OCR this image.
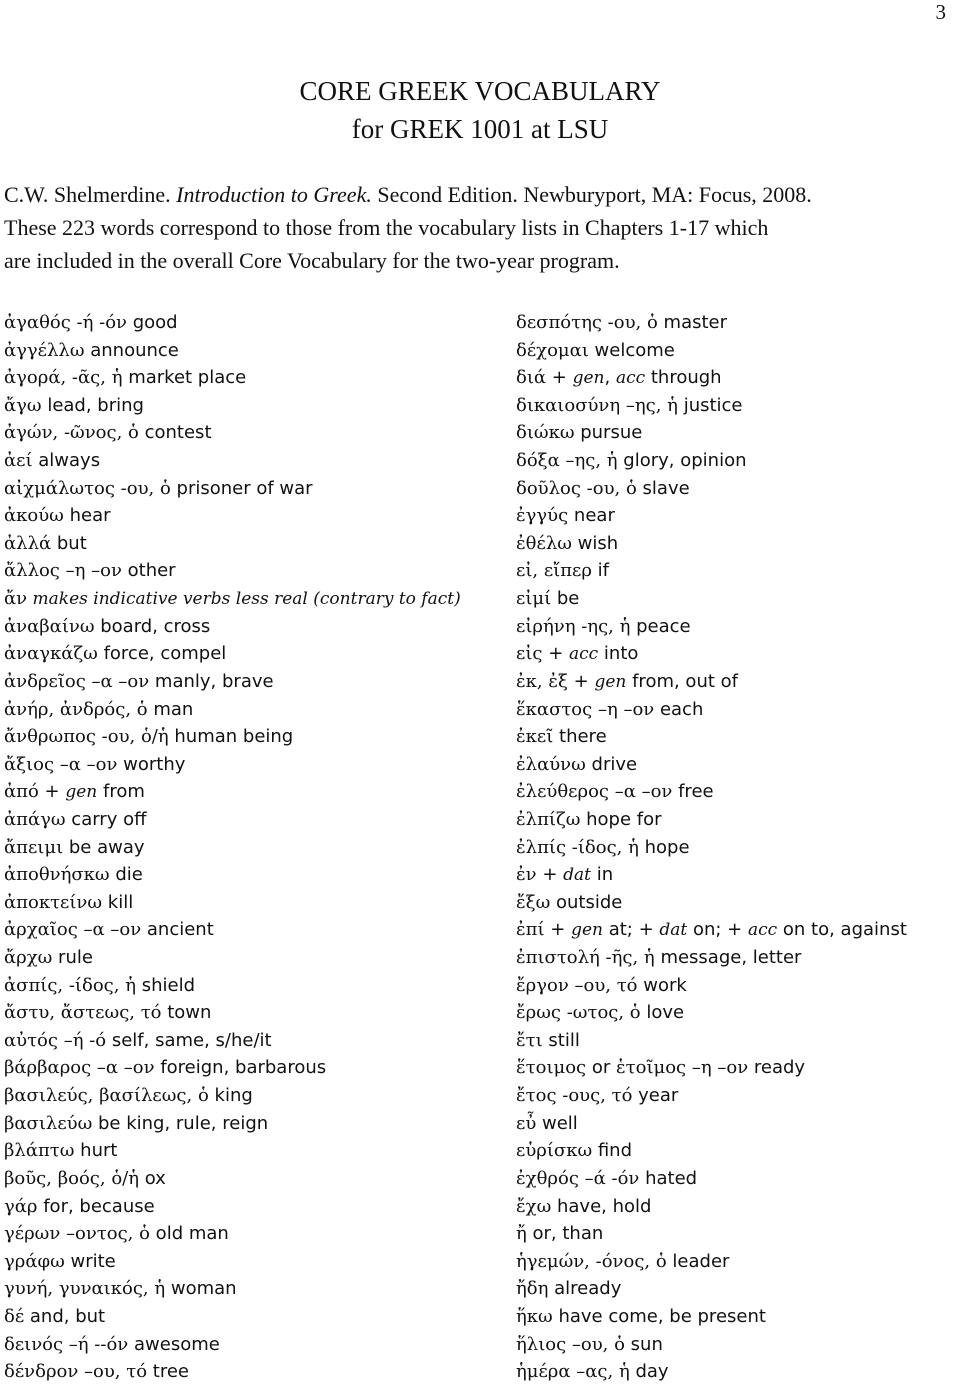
3
CORE GREEK VOCABULARY
for GREK 1001 at LSU
C.W. Shelmerdine. Introduction to Greek. Second Edition. Newburyport, MA: Focus, 2008.
These 223 words correspond to those from the vocabulary lists in Chapters 1-17 which
are included in the overall Core Vocabulary for the two-year program.
ἀγαθός -ή -όν good
ἀγγέλλω announce
ἀγορά, -ᾶς, ἡ market place
ἄγω lead, bring
ἀγών, -ῶνος, ὁ contest
ἀεί always
αἰχμάλωτος -ου, ὁ prisoner of war
ἀκούω hear
ἀλλά but
ἄλλος –η –ον other
ἄν makes indicative verbs less real (contrary to fact)
ἀναβαίνω board, cross
ἀναγκάζω force, compel
ἀνδρεῖος –α –ον manly, brave
ἀνήρ, ἀνδρός, ὁ man
ἄνθρωπος -ου, ὁ/ἡ human being
ἄξιος –α –ον worthy
ἀπό + gen from
ἀπάγω carry off
ἄπειμι be away
ἀποθνήσκω die
ἀποκτείνω kill
ἀρχαῖος –α –ον ancient
ἄρχω rule
ἀσπίς, -ίδος, ἡ shield
ἄστυ, ἄστεως, τό town
αὐτός –ή -ό self, same, s/he/it
βάρβαρος –α –ον foreign, barbarous
βασιλεύς, βασίλεως, ὁ king
βασιλεύω be king, rule, reign
βλάπτω hurt
βοῦς, βοός, ὁ/ἡ ox
γάρ for, because
γέρων –οντος, ὁ old man
γράφω write
γυνή, γυναικός, ἡ woman
δέ and, but
δεινός –ή --όν awesome
δένδρον –ου, τό tree
δεσπότης -ου, ὁ master
δέχομαι welcome
διά + gen, acc through
δικαιοσύνη –ης, ἡ justice
διώκω pursue
δόξα –ης, ἡ glory, opinion
δοῦλος -ου, ὁ slave
ἐγγύς near
ἐθέλω wish
εἰ, εἴπερ if
εἰμί be
εἰρήνη -ης, ἡ peace
εἰς + acc into
ἐκ, ἐξ + gen from, out of
ἕκαστος –η –ον each
ἐκεῖ there
ἐλαύνω drive
ἐλεύθερος –α –ον free
ἐλπίζω hope for
ἐλπίς -ίδος, ἡ hope
ἐν + dat in
ἔξω outside
ἐπί + gen at; + dat on; + acc on to, against
ἐπιστολή -ῆς, ἡ message, letter
ἔργον –ου, τό work
ἔρως -ωτος, ὁ love
ἔτι still
ἕτοιμος or ἑτοῖμος –η –ον ready
ἔτος -ους, τό year
εὖ well
εὑρίσκω find
ἐχθρός –ά -όν hated
ἔχω have, hold
ἤ or, than
ἡγεμών, -όνος, ὁ leader
ἤδη already
ἥκω have come, be present
ἥλιος –ου, ὁ sun
ἡμέρα –ας, ἡ day
